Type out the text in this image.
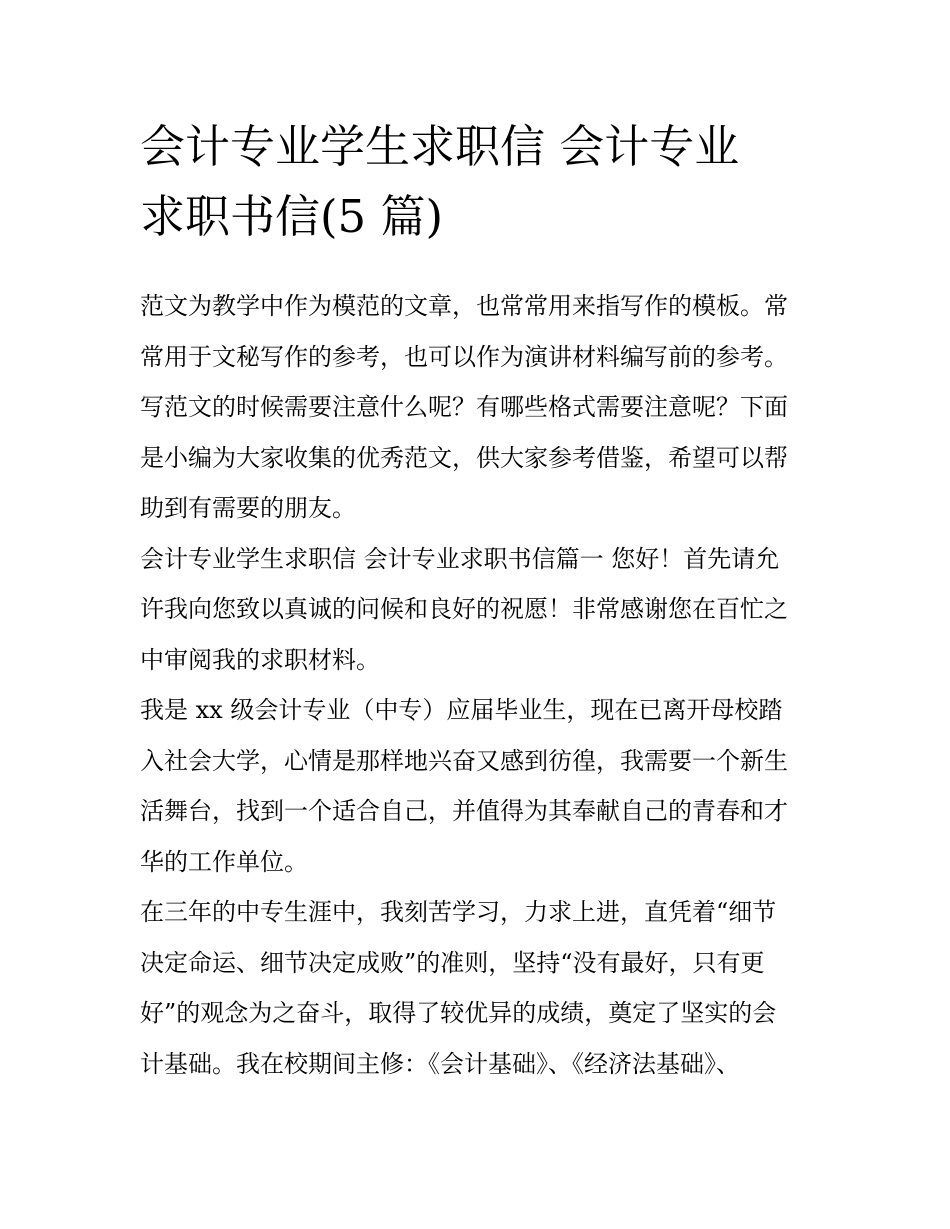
会计专业学生求职信 会计专业
求职书信(5 篇)

范文为教学中作为模范的文章，也常常用来指写作的模板。常
常用于文秘写作的参考，也可以作为演讲材料编写前的参考。
写范文的时候需要注意什么呢？有哪些格式需要注意呢？下面
是小编为大家收集的优秀范文，供大家参考借鉴，希望可以帮
助到有需要的朋友。

会计专业学生求职信 会计专业求职书信篇一 您好！首先请允
许我向您致以真诚的问候和良好的祝愿！非常感谢您在百忙之
中审阅我的求职材料。

我是 xx 级会计专业（中专）应届毕业生，现在已离开母校踏
入社会大学，心情是那样地兴奋又感到彷徨，我需要一个新生
活舞台，找到一个适合自己，并值得为其奉献自己的青春和才
华的工作单位。

在三年的中专生涯中，我刻苦学习，力求上进，直凭着“细节
决定命运、细节决定成败”的准则，坚持“没有最好，只有更
好”的观念为之奋斗，取得了较优异的成绩，奠定了坚实的会
计基础。我在校期间主修：《会计基础》、《经济法基础》、
